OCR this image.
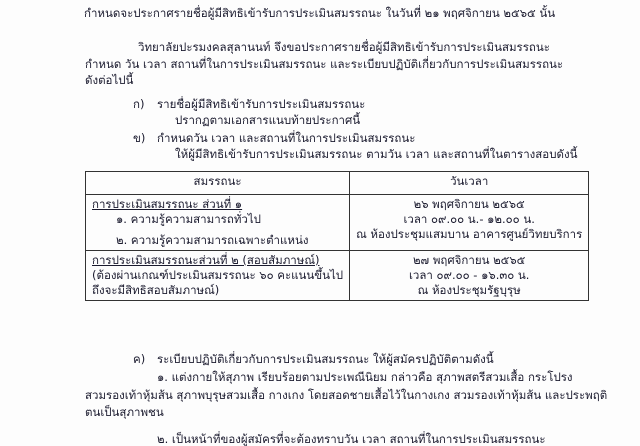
กำหนดจะประกาศรายชื่อผู้มีสิทธิเข้ารับการประเมินสมรรถนะ ในวันที่ ๒๑ พฤศจิกายน ๒๕๖๕ นั้น
วิทยาลัยปะรมงคลสุลานนท์ จึงขอประกาศรายชื่อผู้มีสิทธิเข้ารับการประเมินสมรรถนะ
กำหนด วัน เวลา สถานที่ในการประเมินสมรรถนะ และระเบียบปฏิบัติเกี่ยวกับการประเมินสมรรถนะ
ดังต่อไปนี้
ก) รายชื่อผู้มีสิทธิเข้ารับการประเมินสมรรถนะ
ปรากฏตามเอกสารแนบท้ายประกาศนี้
ข) กำหนดวัน เวลา และสถานที่ในการประเมินสมรรถนะ
ให้ผู้มีสิทธิเข้ารับการประเมินสมรรถนะ ตามวัน เวลา และสถานที่ในตารางสอบดังนี้
สมรรถนะ	วันเวลา

การประเมินสมรรถนะ ส่วนที่ ๑
๑. ความรู้ความสามารถทั่วไป
๒. ความรู้ความสามารถเฉพาะตำแหน่ง	๒๖ พฤศจิกายน ๒๕๖๕
เวลา ๐๙.๐๐ น.- ๑๒.๐๐ น.
ณ ห้องประชุมแสมบาน อาคารศูนย์วิทยบริการ

การประเมินสมรรถนะส่วนที่ ๒ (สอบสัมภาษณ์)
(ต้องผ่านเกณฑ์ประเมินสมรรถนะ ๖๐ คะแนนขึ้นไป
ถึงจะมีสิทธิสอบสัมภาษณ์)	๒๗ พฤศจิกายน ๒๕๖๕
เวลา ๐๙.๐๐ - ๑๖.๓๐ น.
ณ ห้องประชุมรัฐบุรุษ
ค) ระเบียบปฏิบัติเกี่ยวกับการประเมินสมรรถนะ ให้ผู้สมัครปฏิบัติตามดังนี้
๑. แต่งกายให้สุภาพ เรียบร้อยตามประเพณีนิยม กล่าวคือ สุภาพสตรีสวมเสื้อ กระโปรง
สวมรองเท้าหุ้มส้น สุภาพบุรุษสวมเสื้อ กางเกง โดยสอดชายเสื้อไว้ในกางเกง สวมรองเท้าหุ้มส้น และประพฤติ
ตนเป็นสุภาพชน
๒. เป็นหน้าที่ของผู้สมัครที่จะต้องทราบวัน เวลา สถานที่ในการประเมินสมรรถนะ
